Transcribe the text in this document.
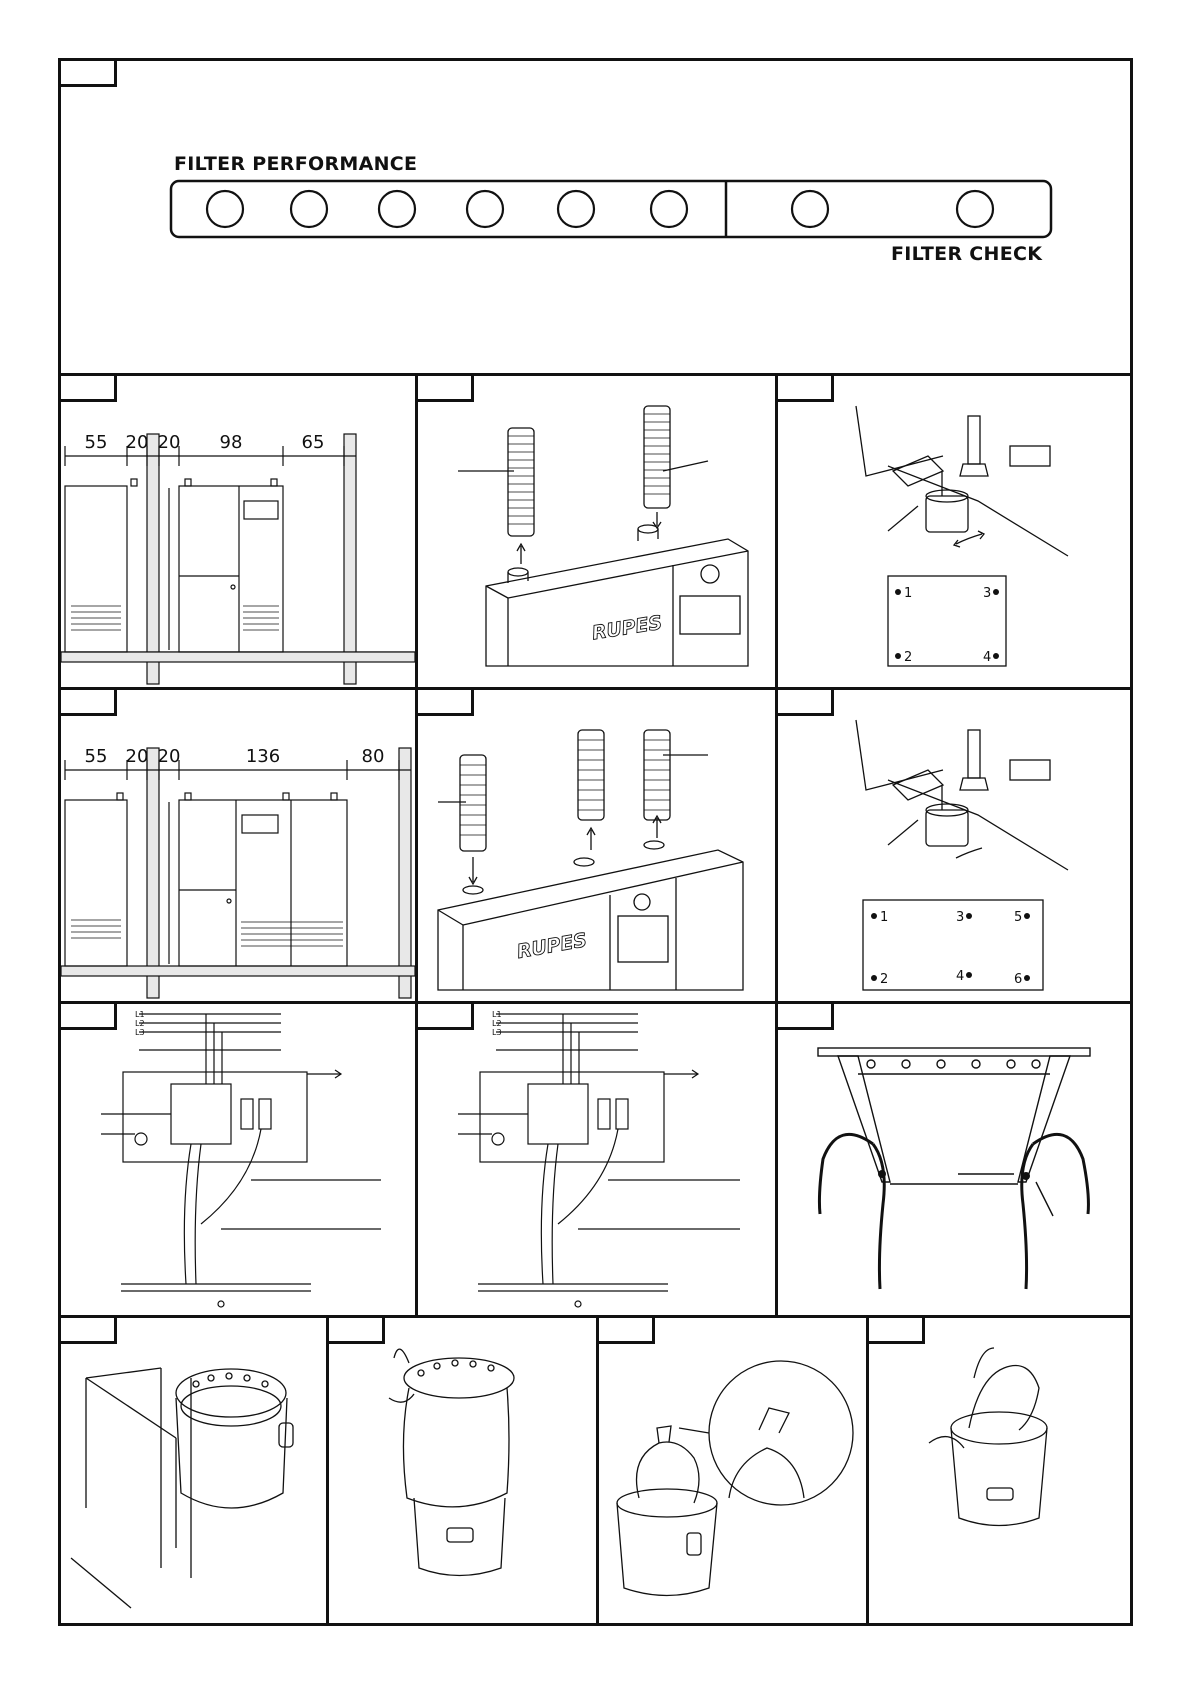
FILTER PERFORMANCE
FILTER CHECK
55 20 20 98	65
RUPES
1
2
3
4
55 20 20	136	80
RUPES
1
2
3
4
5
6
L1
L2
L3
L1
L2
L3
